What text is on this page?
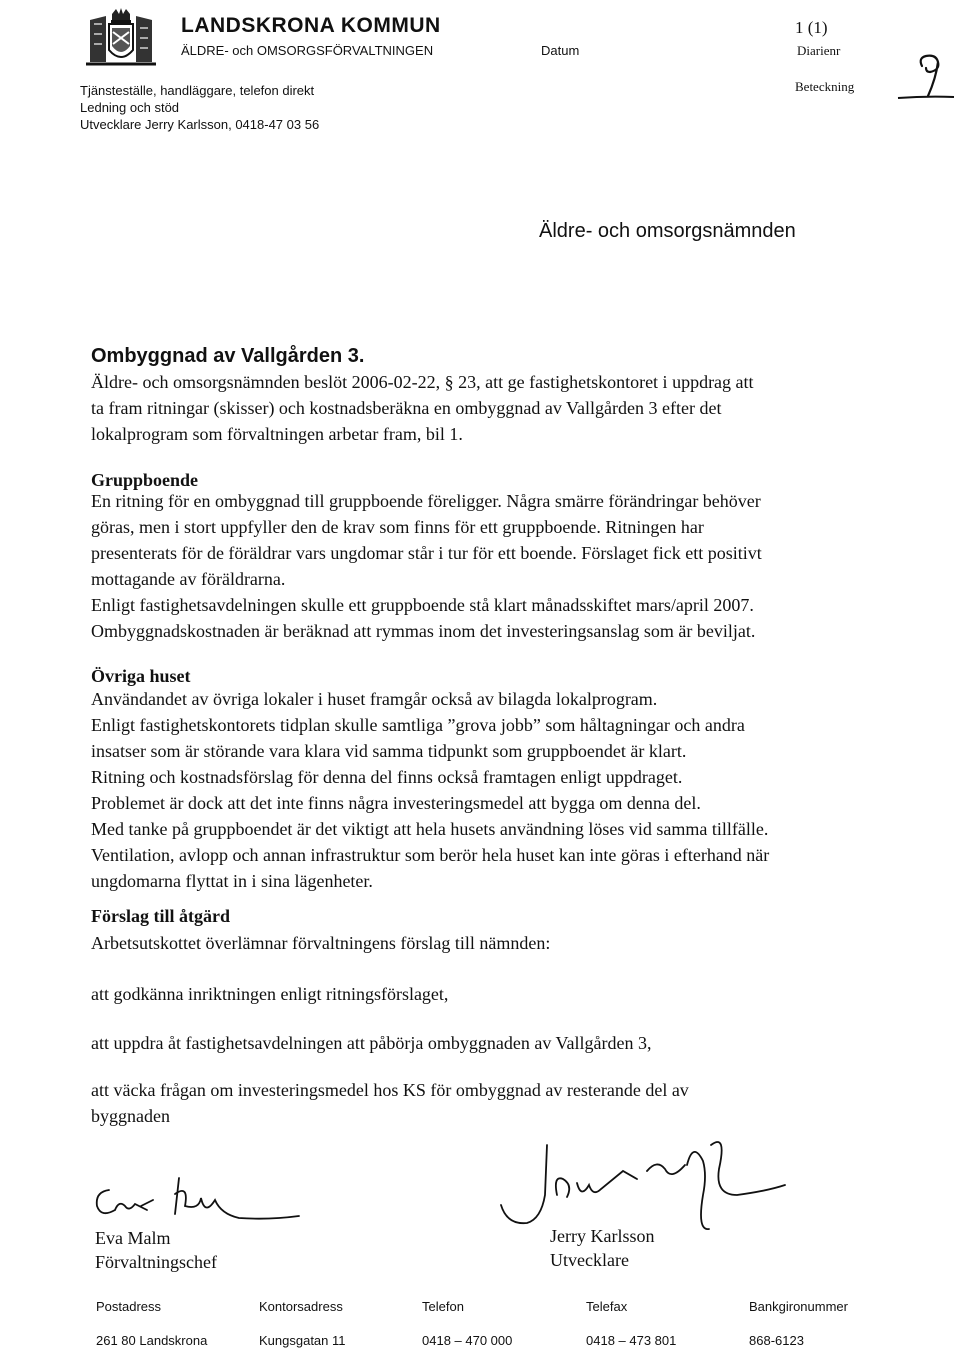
LANDSKRONA KOMMUN
ÄLDRE- och OMSORGSFÖRVALTNINGEN	Datum
1 (1)
Diarienr
Beteckning
Tjänsteställe, handläggare, telefon direkt
Ledning och stöd
Utvecklare Jerry Karlsson, 0418-47 03 56
Äldre- och omsorgsnämnden
Ombyggnad av Vallgården 3.
Äldre- och omsorgsnämnden beslöt 2006-02-22, § 23, att ge fastighetskontoret i uppdrag att
ta fram ritningar (skisser) och kostnadsberäkna en ombyggnad av Vallgården 3 efter det
lokalprogram som förvaltningen arbetar fram, bil 1.
Gruppboende
En ritning för en ombyggnad till gruppboende föreligger. Några smärre förändringar behöver
göras, men i stort uppfyller den de krav som finns för ett gruppboende. Ritningen har
presenterats för de föräldrar vars ungdomar står i tur för ett boende. Förslaget fick ett positivt
mottagande av föräldrarna.
Enligt fastighetsavdelningen skulle ett gruppboende stå klart månadsskiftet mars/april 2007.
Ombyggnadskostnaden är beräknad att rymmas inom det investeringsanslag som är beviljat.
Övriga huset
Användandet av övriga lokaler i huset framgår också av bilagda lokalprogram.
Enligt fastighetskontorets tidplan skulle samtliga ”grova jobb” som håltagningar och andra
insatser som är störande vara klara vid samma tidpunkt som gruppboendet är klart.
Ritning och kostnadsförslag för denna del finns också framtagen enligt uppdraget.
Problemet är dock att det inte finns några investeringsmedel att bygga om denna del.
Med tanke på gruppboendet är det viktigt att hela husets användning löses vid samma tillfälle.
Ventilation, avlopp och annan infrastruktur som berör hela huset kan inte göras i efterhand när
ungdomarna flyttat in i sina lägenheter.
Förslag till åtgärd
Arbetsutskottet överlämnar förvaltningens förslag till nämnden:
att godkänna inriktningen enligt ritningsförslaget,
att uppdra åt fastighetsavdelningen att påbörja ombyggnaden av Vallgården 3,
att väcka frågan om investeringsmedel hos KS för ombyggnad av resterande del av
byggnaden
Eva Malm
Förvaltningschef
Jerry Karlsson
Utvecklare
Postadress	Kontorsadress	Telefon	Telefax	Bankgironummer
261 80 Landskrona	Kungsgatan 11	0418 – 470 000	0418 – 473 801	868-6123
